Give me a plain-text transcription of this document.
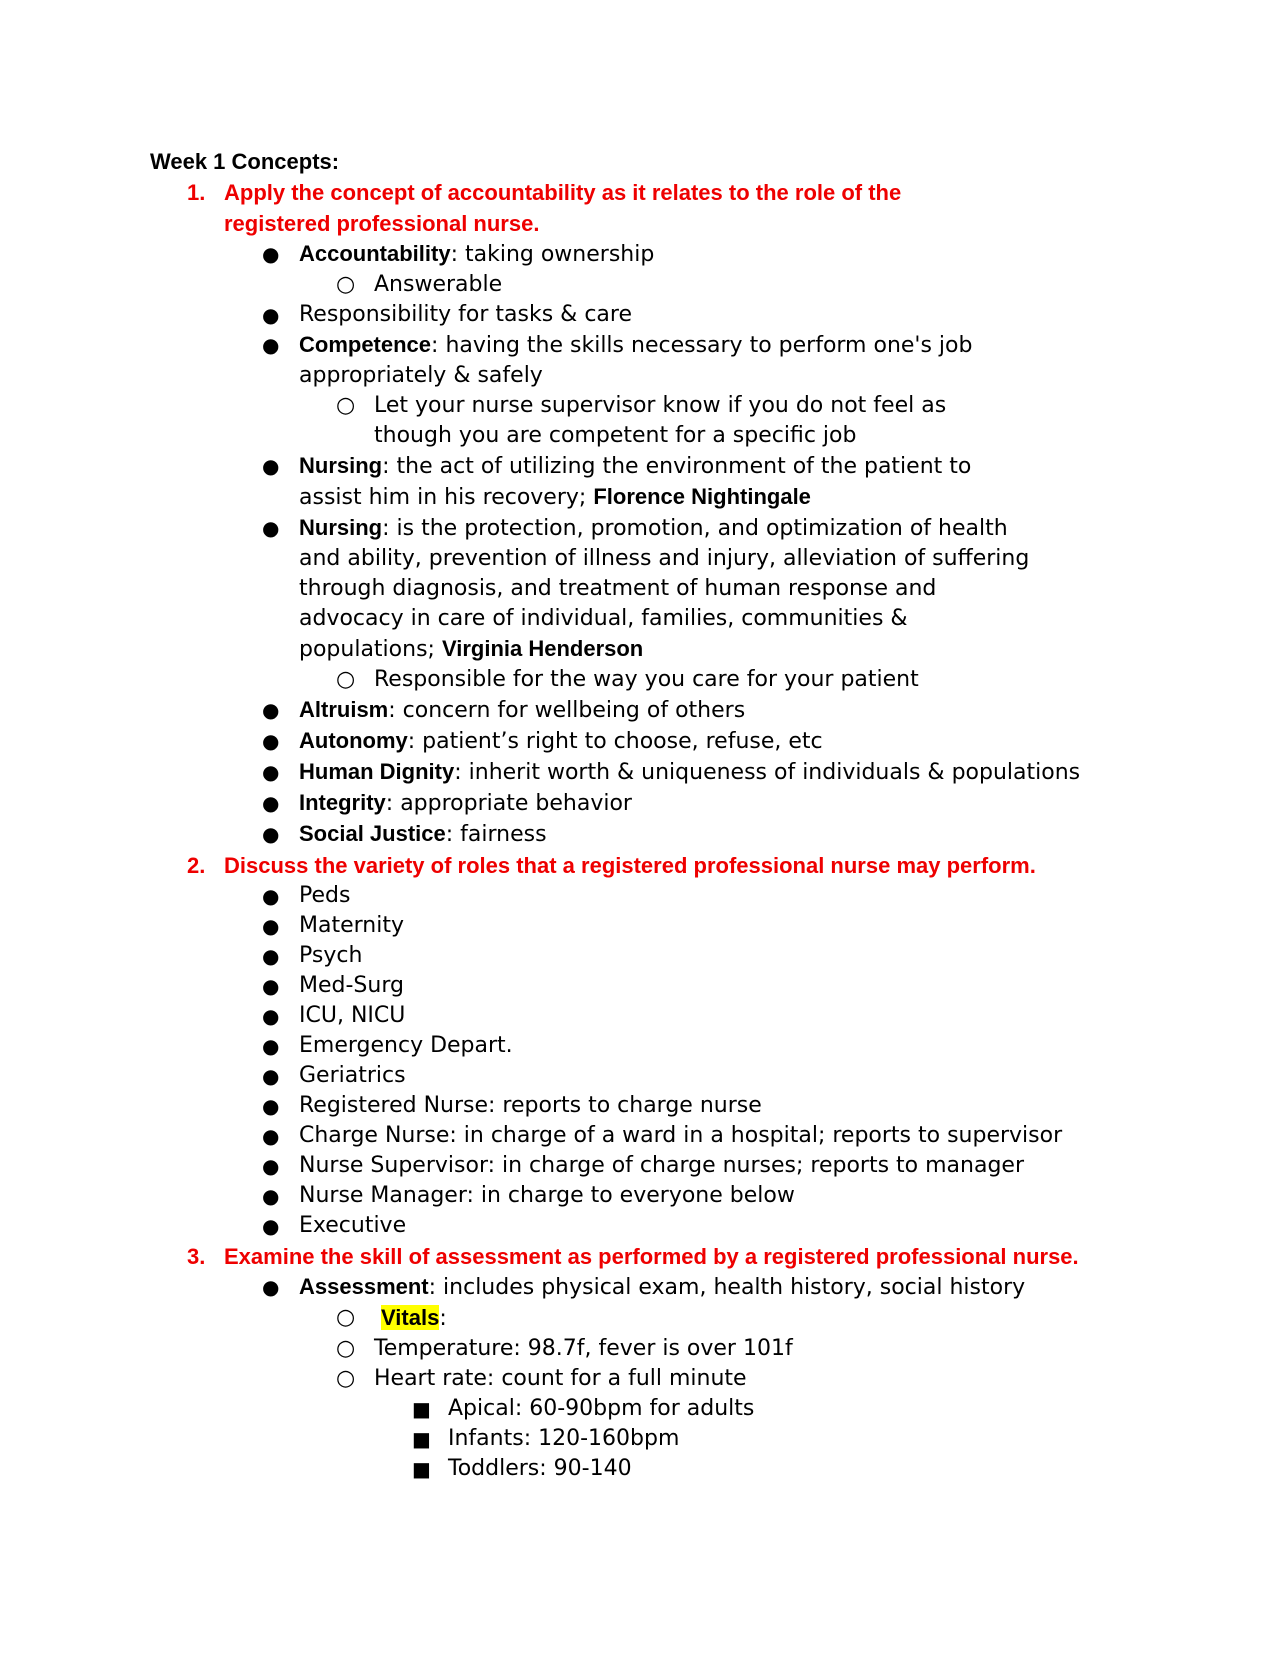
Week 1 Concepts:
1. Apply the concept of accountability as it relates to the role of the
registered professional nurse.
● Accountability: taking ownership
○ Answerable
● Responsibility for tasks & care
● Competence: having the skills necessary to perform one's job
appropriately & safely
○ Let your nurse supervisor know if you do not feel as
though you are competent for a specific job
● Nursing: the act of utilizing the environment of the patient to
assist him in his recovery; Florence Nightingale
● Nursing: is the protection, promotion, and optimization of health
and ability, prevention of illness and injury, alleviation of suffering
through diagnosis, and treatment of human response and
advocacy in care of individual, families, communities &
populations; Virginia Henderson
○ Responsible for the way you care for your patient
● Altruism: concern for wellbeing of others
● Autonomy: patient’s right to choose, refuse, etc
● Human Dignity: inherit worth & uniqueness of individuals & populations
● Integrity: appropriate behavior
● Social Justice: fairness
2. Discuss the variety of roles that a registered professional nurse may perform.
● Peds
● Maternity
● Psych
● Med-Surg
● ICU, NICU
● Emergency Depart.
● Geriatrics
● Registered Nurse: reports to charge nurse
● Charge Nurse: in charge of a ward in a hospital; reports to supervisor
● Nurse Supervisor: in charge of charge nurses; reports to manager
● Nurse Manager: in charge to everyone below
● Executive
3. Examine the skill of assessment as performed by a registered professional nurse.
● Assessment: includes physical exam, health history, social history
○ Vitals:
○ Temperature: 98.7f, fever is over 101f
○ Heart rate: count for a full minute
■ Apical: 60-90bpm for adults
■ Infants: 120-160bpm
■ Toddlers: 90-140
